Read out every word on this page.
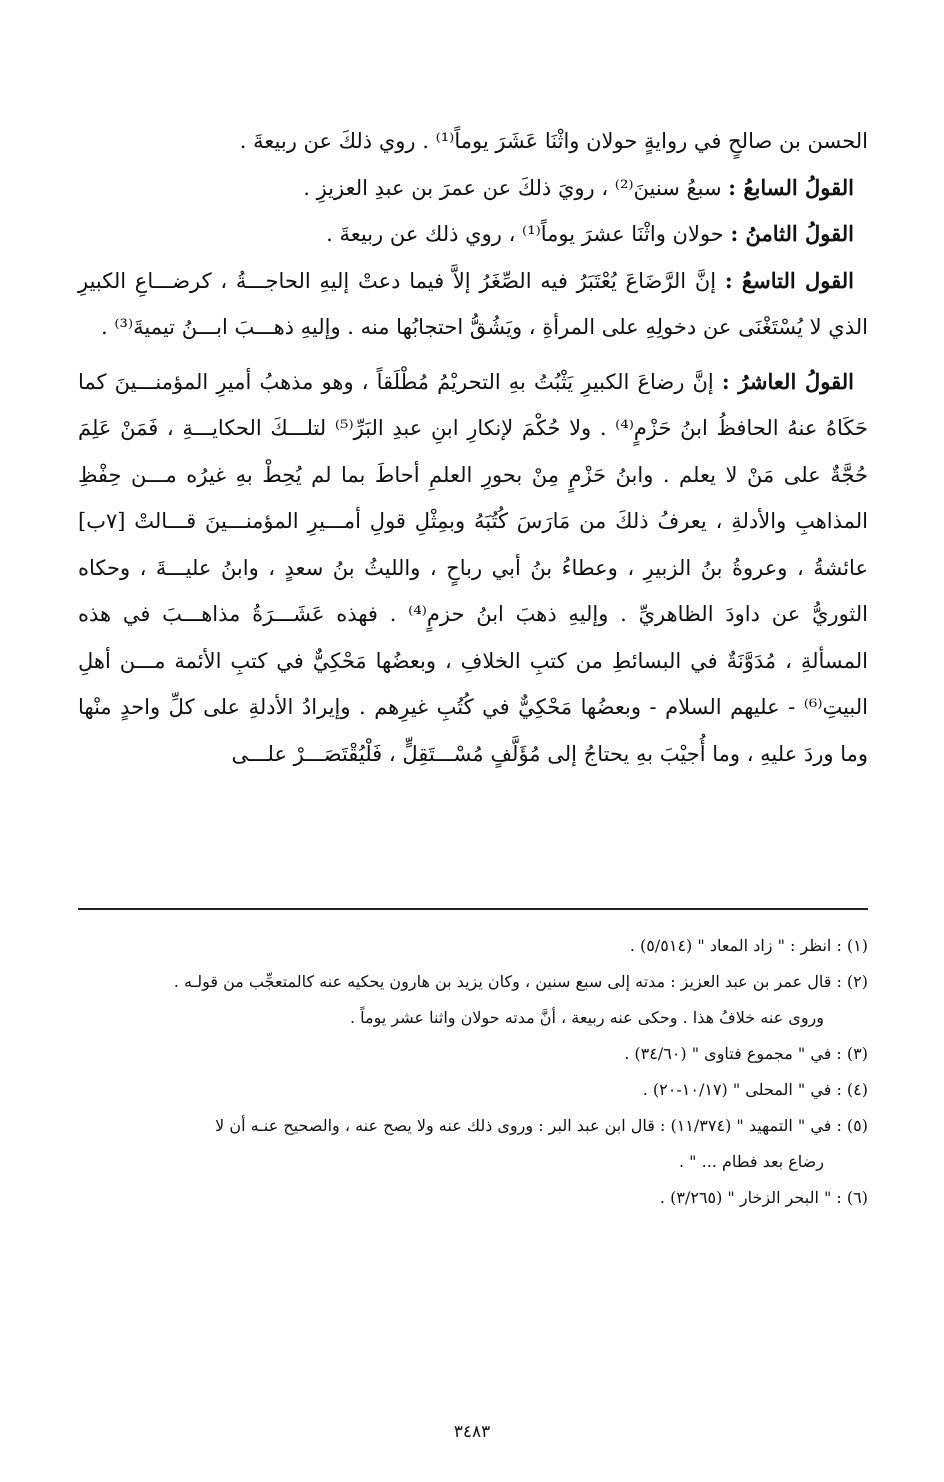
الحسن بن صالحٍ في روايةٍ حولان واثْنَا عَشَرَ يوماً⁽¹⁾ . روي ذلكَ عن ربيعةَ .

القولُ السابعُ : سبعُ سنينَ⁽²⁾ ، رويَ ذلكَ عن عمرَ بن عبدِ العزيزِ .

القولُ الثامنُ : حولان واثْنَا عشرَ يوماً⁽¹⁾ ، روي ذلك عن ربيعةَ .

القول التاسعُ : إنَّ الرَّضَاعَ يُعْتَبَرُ فيه الصِّغَرُ إلاَّ فيما دعتْ إليهِ الحاجـــةُ ، كرضـــاعِ الكبيرِ الذي لا يُسْتَغْنَى عن دخولِهِ على المرأةِ ، ويَشُقُّ احتجابُها منه . وإليهِ ذهـــبَ ابـــنُ تيميةَ⁽³⁾ .

القولُ العاشرُ : إنَّ رضاعَ الكبيرِ يَثْبُتُ بهِ التحريْمُ مُطْلَقاً ، وهو مذهبُ أميرِ المؤمنـــينَ كما حَكَاهُ عنهُ الحافظُ ابنُ حَزْمٍ⁽⁴⁾ . ولا حُكْمَ لإنكارِ ابنِ عبدِ البَرِّ⁽⁵⁾ لتلـــكَ الحكايـــةِ ، فَمَنْ عَلِمَ حُجَّةٌ على مَنْ لا يعلم . وابنُ حَزْمٍ مِنْ بحورِ العلمِ أحاطَ بما لم يُحِطْ بهِ غيرُه مـــن حِفْظِ المذاهبِ والأدلةِ ، يعرفُ ذلكَ من مَارَسَ كُتُبَهُ وبمِثْلِ قولِ أمـــيرِ المؤمنـــينَ قـــالتْ [٧ب] عائشةُ ، وعروةُ بنُ الزبيرِ ، وعطاءُ بنُ أبي رباحٍ ، والليثُ بنُ سعدٍ ، وابنُ عليـــةَ ، وحكاه الثوريُّ عن داودَ الظاهريِّ . وإليهِ ذهبَ ابنُ حزمٍ⁽⁴⁾ . فهذه عَشَـــرَةُ مذاهـــبَ في هذه المسألةِ ، مُدَوَّنَةٌ في البسائطِ من كتبِ الخلافِ ، وبعضُها مَحْكِيٌّ في كتبِ الأئمة مـــن أهلِ البيتِ⁽⁶⁾ - عليهم السلام - وبعضُها مَحْكِيٌّ في كُتُبِ غيرِهم . وإيرادُ الأدلةِ على كلِّ واحدٍ منْها وما وردَ عليهِ ، وما أُجيْبَ بهِ يحتاجُ إلى مُؤَلَّفٍ مُسْـــتَقِلٍّ ، فَلْيُقْتَصَـــرْ علـــى

(١) : انظر : " زاد المعاد " (٥/٥١٤) .

(٢) : قال عمر بن عبد العزيز : مدته إلى سبع سنين ، وكان يزيد بن هارون يحكيه عنه كالمتعجِّب من قولـه .

وروى عنه خلافُ هذا . وحكى عنه ربيعة ، أنَّ مدته حولان واثنا عشر يوماً .

(٣) : في " مجموع فتاوى " (٣٤/٦٠) .

(٤) : في " المحلى " (١٠/١٧-٢٠) .

(٥) : في " التمهيد " (١١/٣٧٤) : قال ابن عبد البر : وروى ذلك عنه ولا يصح عنه ، والصحيح عنـه أن لا

رضاع بعد فطام ... " .

(٦) : " البحر الزخار " (٣/٢٦٥) .

٣٤٨٣
